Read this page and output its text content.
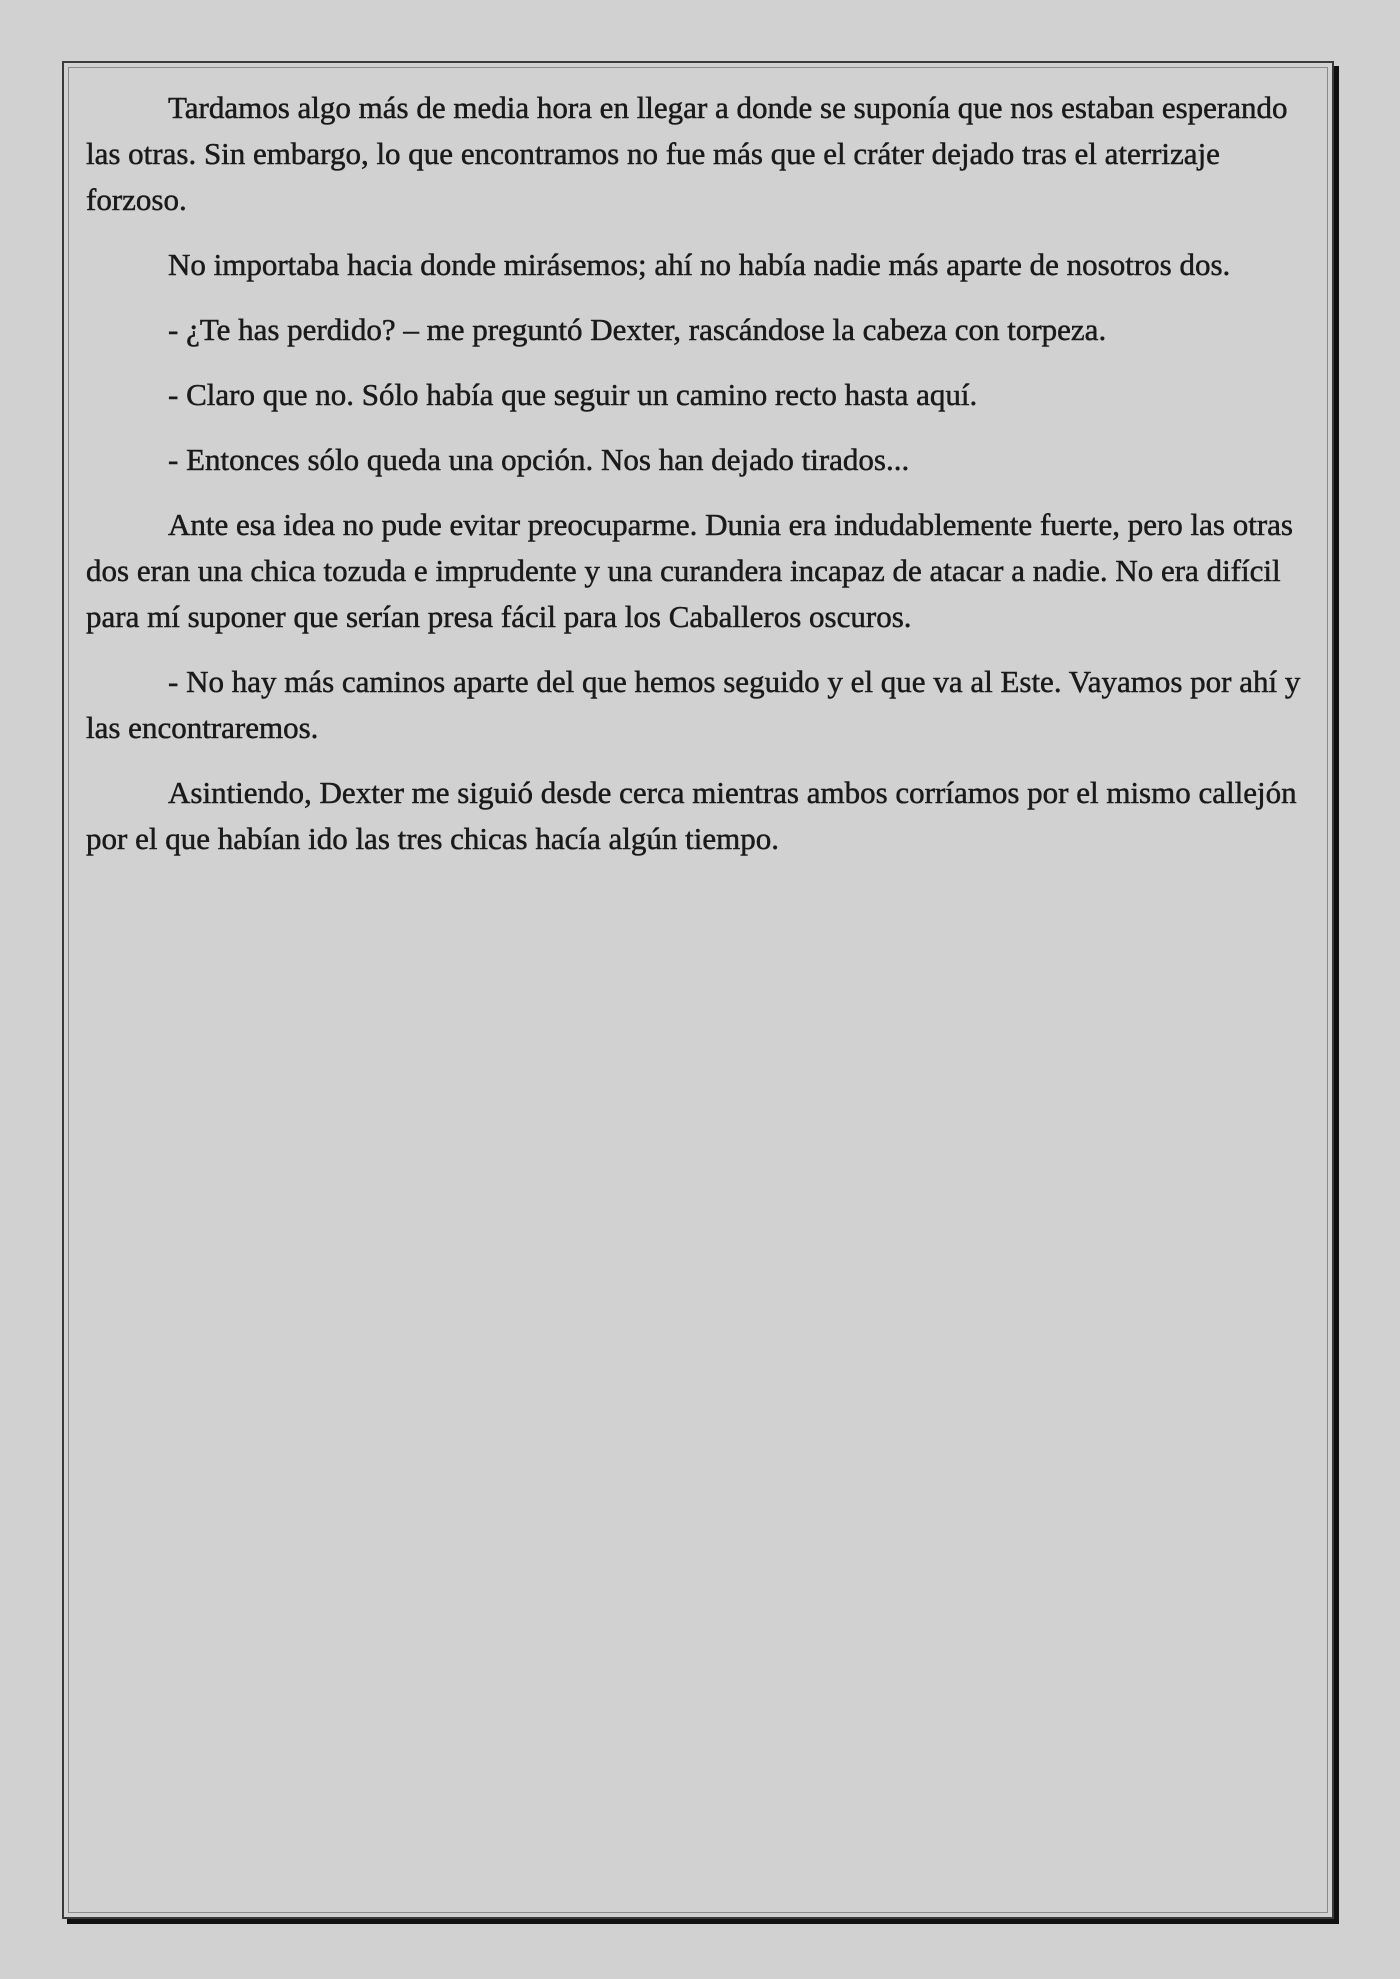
Tardamos algo más de media hora en llegar a donde se suponía que nos estaban esperando las otras. Sin embargo, lo que encontramos no fue más que el cráter dejado tras el aterrizaje forzoso.

No importaba hacia donde mirásemos; ahí no había nadie más aparte de nosotros dos.

- ¿Te has perdido? – me preguntó Dexter, rascándose la cabeza con torpeza.

- Claro que no. Sólo había que seguir un camino recto hasta aquí.

- Entonces sólo queda una opción. Nos han dejado tirados...

Ante esa idea no pude evitar preocuparme. Dunia era indudablemente fuerte, pero las otras dos eran una chica tozuda e imprudente y una curandera incapaz de atacar a nadie. No era difícil para mí suponer que serían presa fácil para los Caballeros oscuros.

- No hay más caminos aparte del que hemos seguido y el que va al Este. Vayamos por ahí y las encontraremos.

Asintiendo, Dexter me siguió desde cerca mientras ambos corríamos por el mismo callejón por el que habían ido las tres chicas hacía algún tiempo.
